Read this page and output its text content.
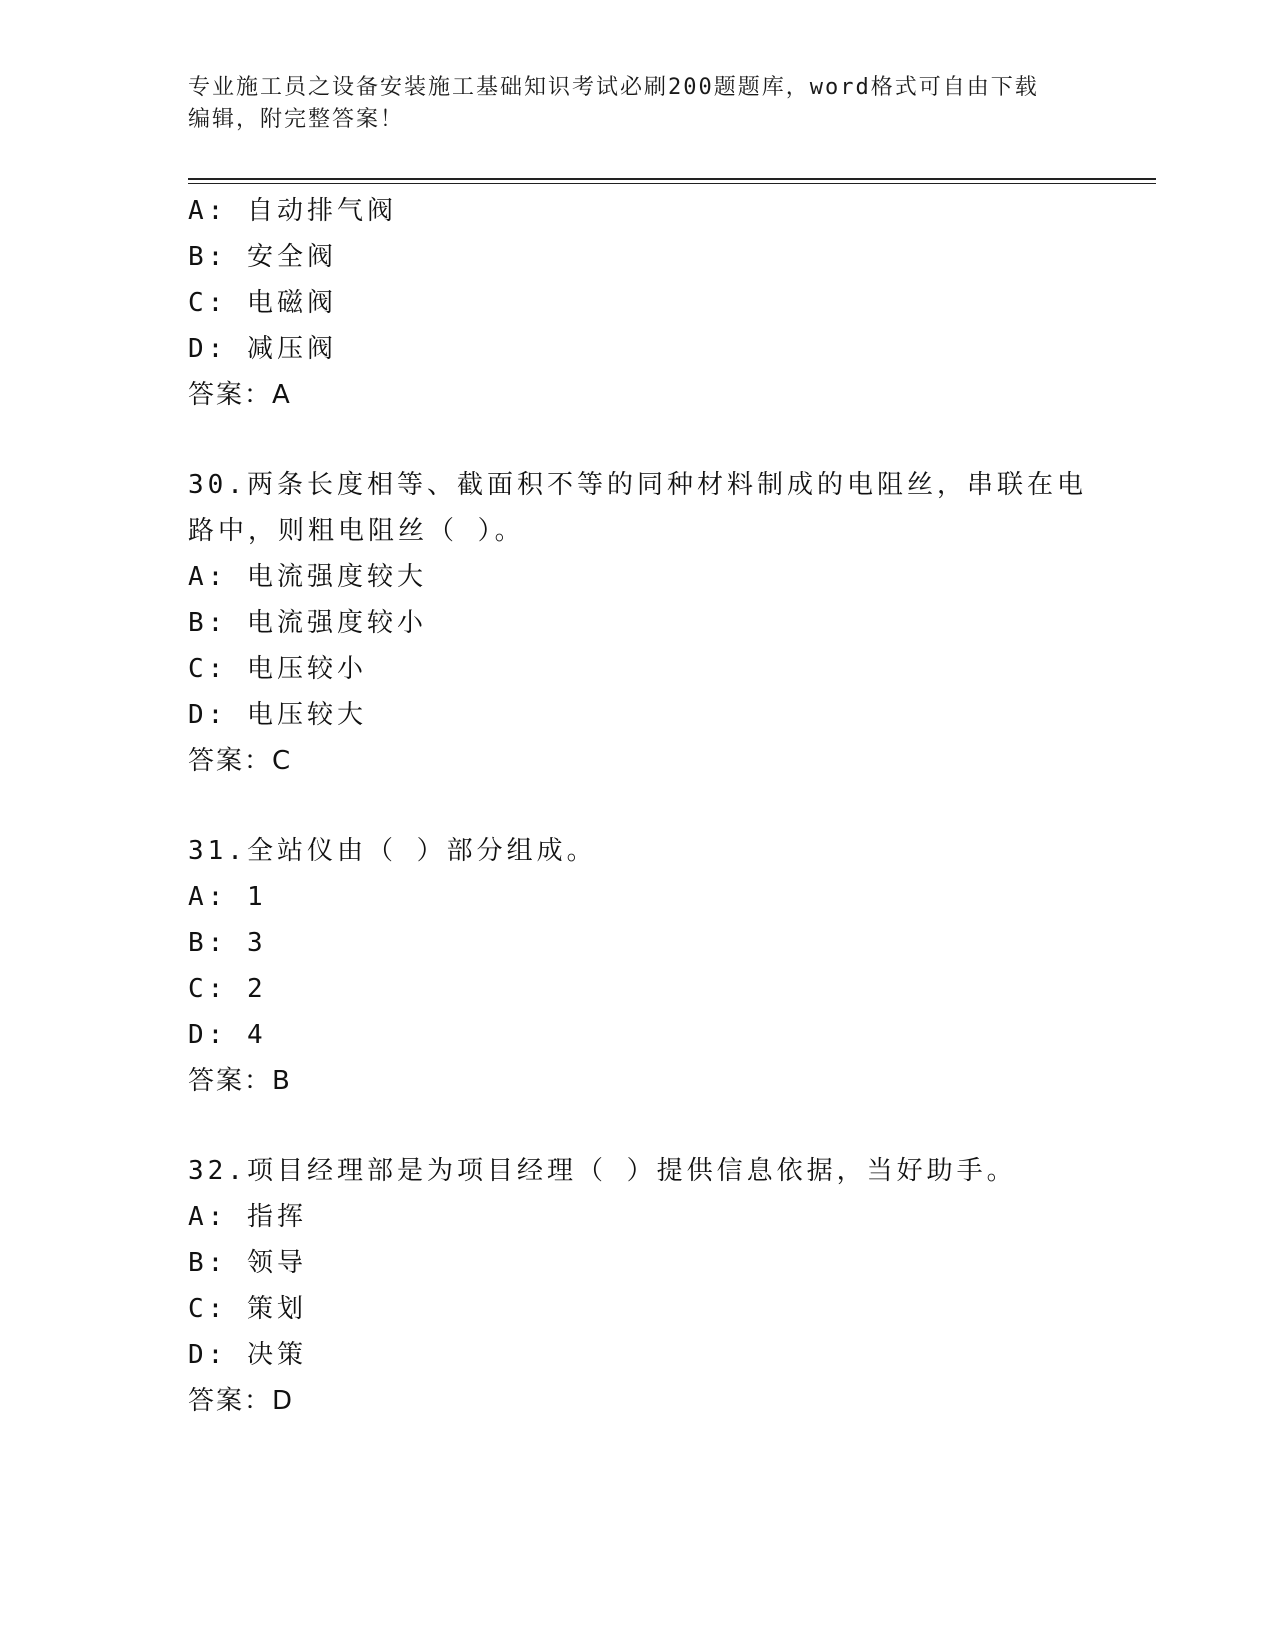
专业施工员之设备安装施工基础知识考试必刷200题题库，word格式可自由下载
编辑，附完整答案！
A: 自动排气阀
B: 安全阀
C: 电磁阀
D: 减压阀
答案：A
30.两条长度相等、截面积不等的同种材料制成的电阻丝，串联在电路中，则粗电阻丝（ ）。
A: 电流强度较大
B: 电流强度较小
C: 电压较小
D: 电压较大
答案：C
31.全站仪由（ ）部分组成。
A: 1
B: 3
C: 2
D: 4
答案：B
32.项目经理部是为项目经理（ ）提供信息依据，当好助手。
A: 指挥
B: 领导
C: 策划
D: 决策
答案：D
